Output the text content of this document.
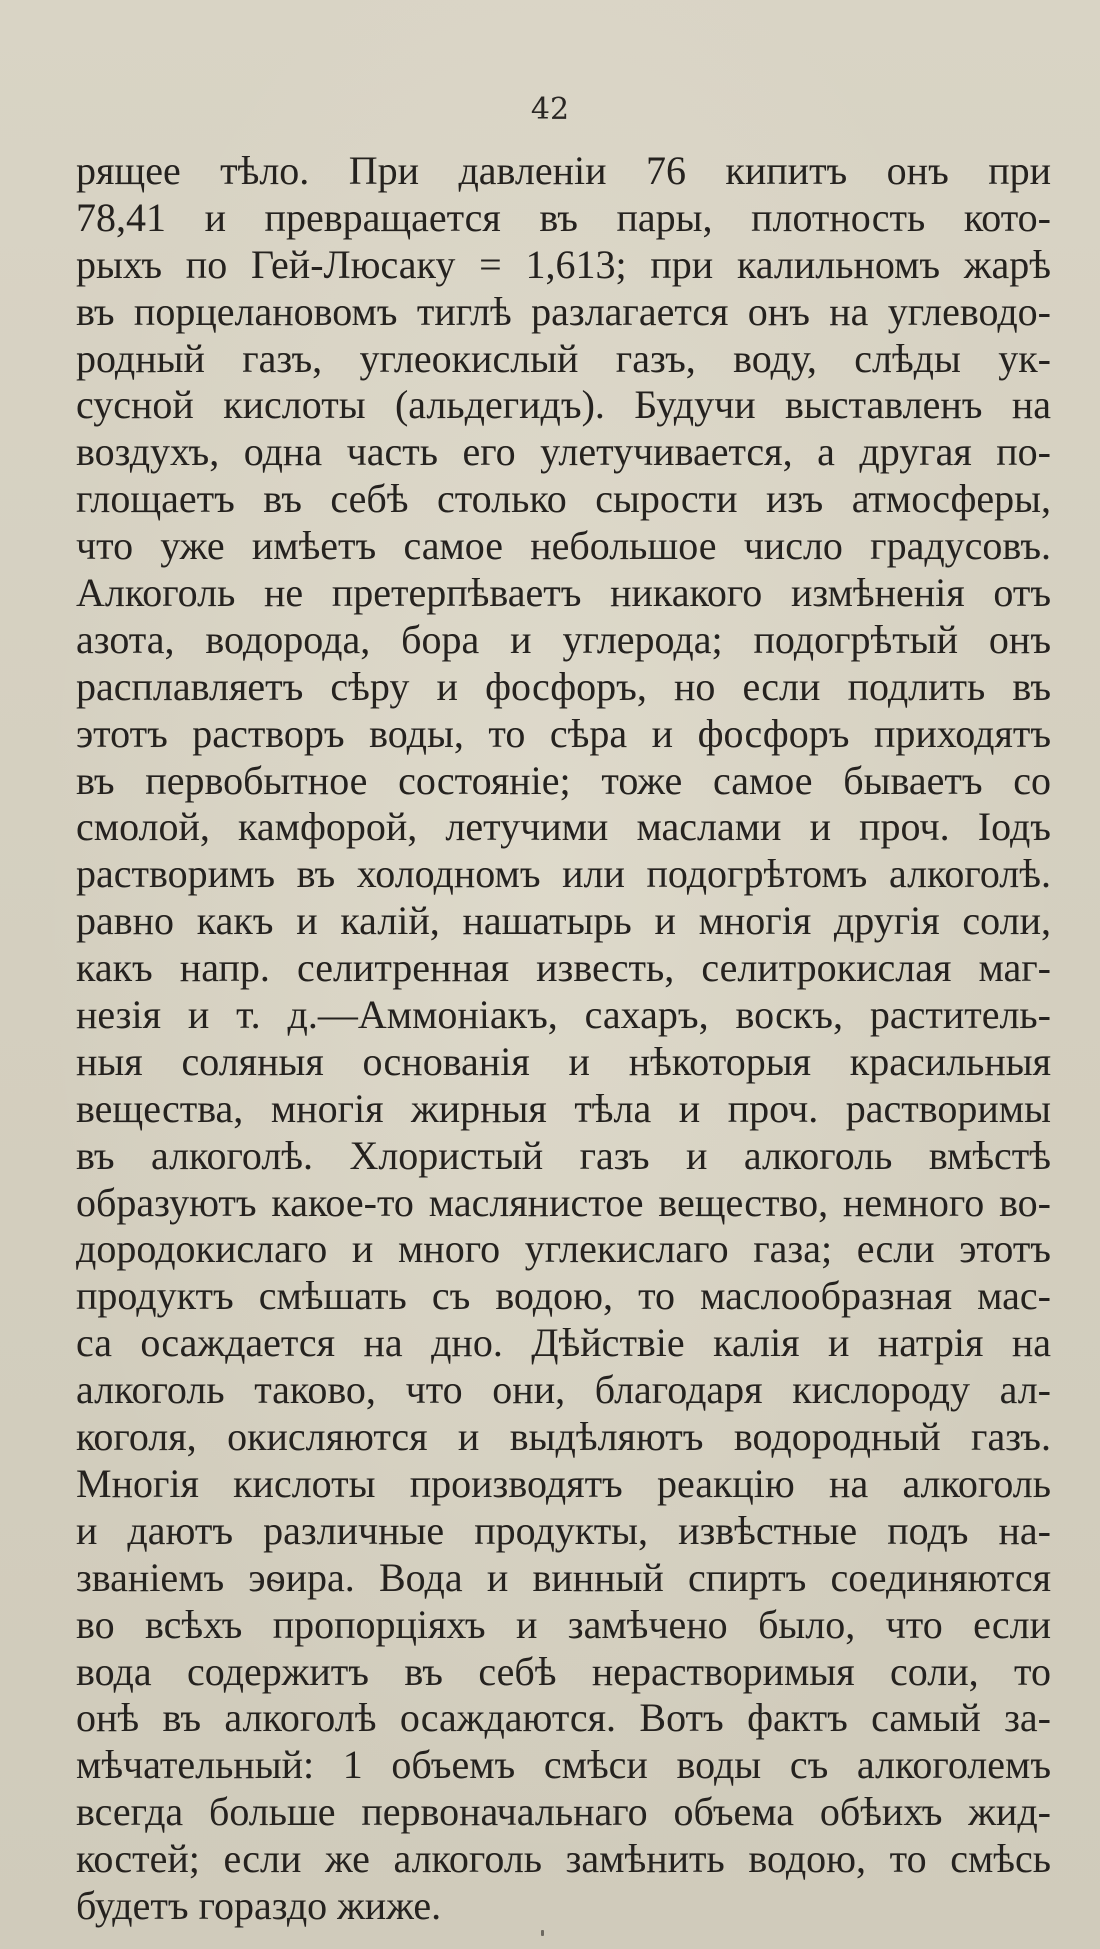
42
рящее тѣло. При давленiи 76 кипитъ онъ при
78,41 и превращается въ пары, плотность кото-
рыхъ по Гей-Люсаку = 1,613; при калильномъ жарѣ
въ порцелановомъ тиглѣ разлагается онъ на углеводо-
родный газъ, углеокислый газъ, воду, слѣды ук-
сусной кислоты (альдегидъ). Будучи выставленъ на
воздухъ, одна часть его улетучивается, а другая по-
глощаетъ въ себѣ столько сырости изъ атмосферы,
что уже имѣетъ самое небольшое число градусовъ.
Алкоголь не претерпѣваетъ никакого измѣненiя отъ
азота, водорода, бора и углерода; подогрѣтый онъ
расплавляетъ сѣру и фосфоръ, но если подлить въ
этотъ растворъ воды, то сѣра и фосфоръ приходятъ
въ первобытное состоянiе; тоже самое бываетъ со
смолой, камфорой, летучими маслами и проч. Iодъ
растворимъ въ холодномъ или подогрѣтомъ алкоголѣ.
равно какъ и калiй, нашатырь и многiя другiя соли,
какъ напр. селитренная известь, селитрокислая маг-
незiя и т. д.—Аммонiакъ, сахаръ, воскъ, раститель-
ныя соляныя основанiя и нѣкоторыя красильныя
вещества, многiя жирныя тѣла и проч. растворимы
въ алкоголѣ. Хлористый газъ и алкоголь вмѣстѣ
образуютъ какое-то маслянистое вещество, немного во-
дородокислаго и много углекислаго газа; если этотъ
продуктъ смѣшать съ водою, то маслообразная мас-
са осаждается на дно. Дѣйствiе калiя и натрiя на
алкоголь таково, что они, благодаря кислороду ал-
коголя, окисляются и выдѣляютъ водородный газъ.
Многiя кислоты производятъ реакцiю на алкоголь
и даютъ различные продукты, извѣстные подъ на-
званiемъ эѳира. Вода и винный спиртъ соединяются
во всѣхъ пропорцiяхъ и замѣчено было, что если
вода содержитъ въ себѣ нерастворимыя соли, то
онѣ въ алкоголѣ осаждаются. Вотъ фактъ самый за-
мѣчательный: 1 объемъ смѣси воды съ алкоголемъ
всегда больше первоначальнаго объема обѣихъ жид-
костей; если же алкоголь замѣнить водою, то смѣсь
будетъ гораздо жиже.
